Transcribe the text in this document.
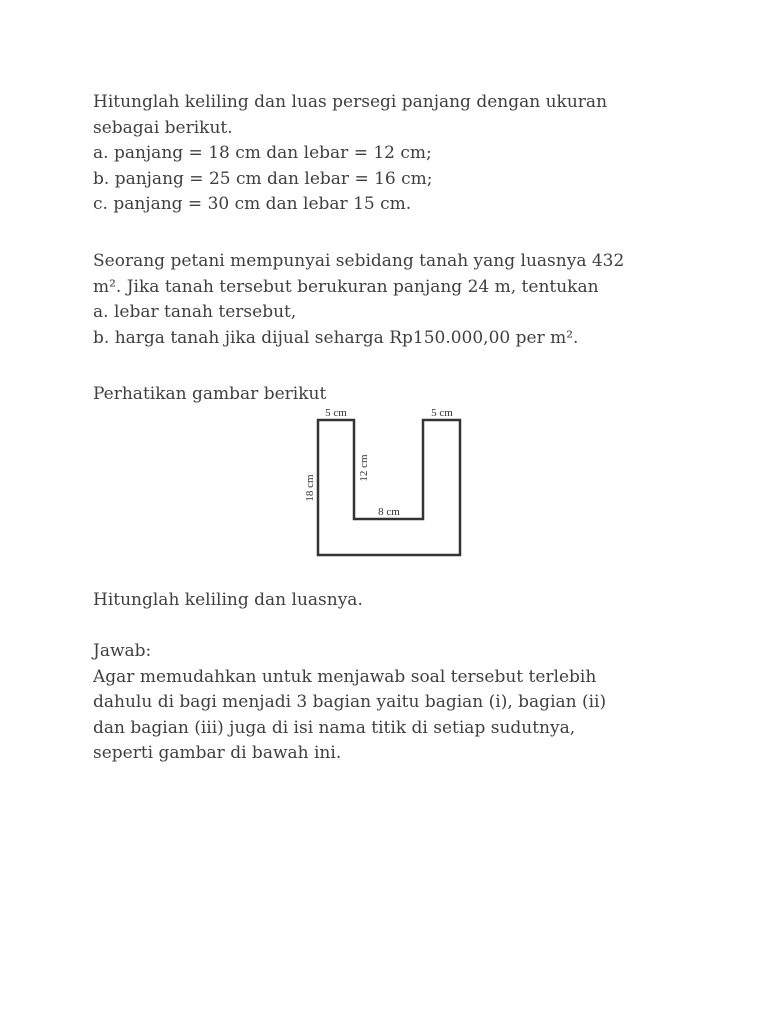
Hitunglah keliling dan luas persegi panjang dengan ukuran

sebagai berikut.

a. panjang = 18 cm dan lebar = 12 cm;

b. panjang = 25 cm dan lebar = 16 cm;

c. panjang = 30 cm dan lebar 15 cm.

Seorang petani mempunyai sebidang tanah yang luasnya 432

m². Jika tanah tersebut berukuran panjang 24 m, tentukan

a. lebar tanah tersebut,

b. harga tanah jika dijual seharga Rp150.000,00 per m².

Perhatikan gambar berikut

5 cm	5 cm
18 cm
12 cm
8 cm

Hitunglah keliling dan luasnya.

Jawab:

Agar memudahkan untuk menjawab soal tersebut terlebih

dahulu di bagi menjadi 3 bagian yaitu bagian (i), bagian (ii)

dan bagian (iii) juga di isi nama titik di setiap sudutnya,

seperti gambar di bawah ini.
